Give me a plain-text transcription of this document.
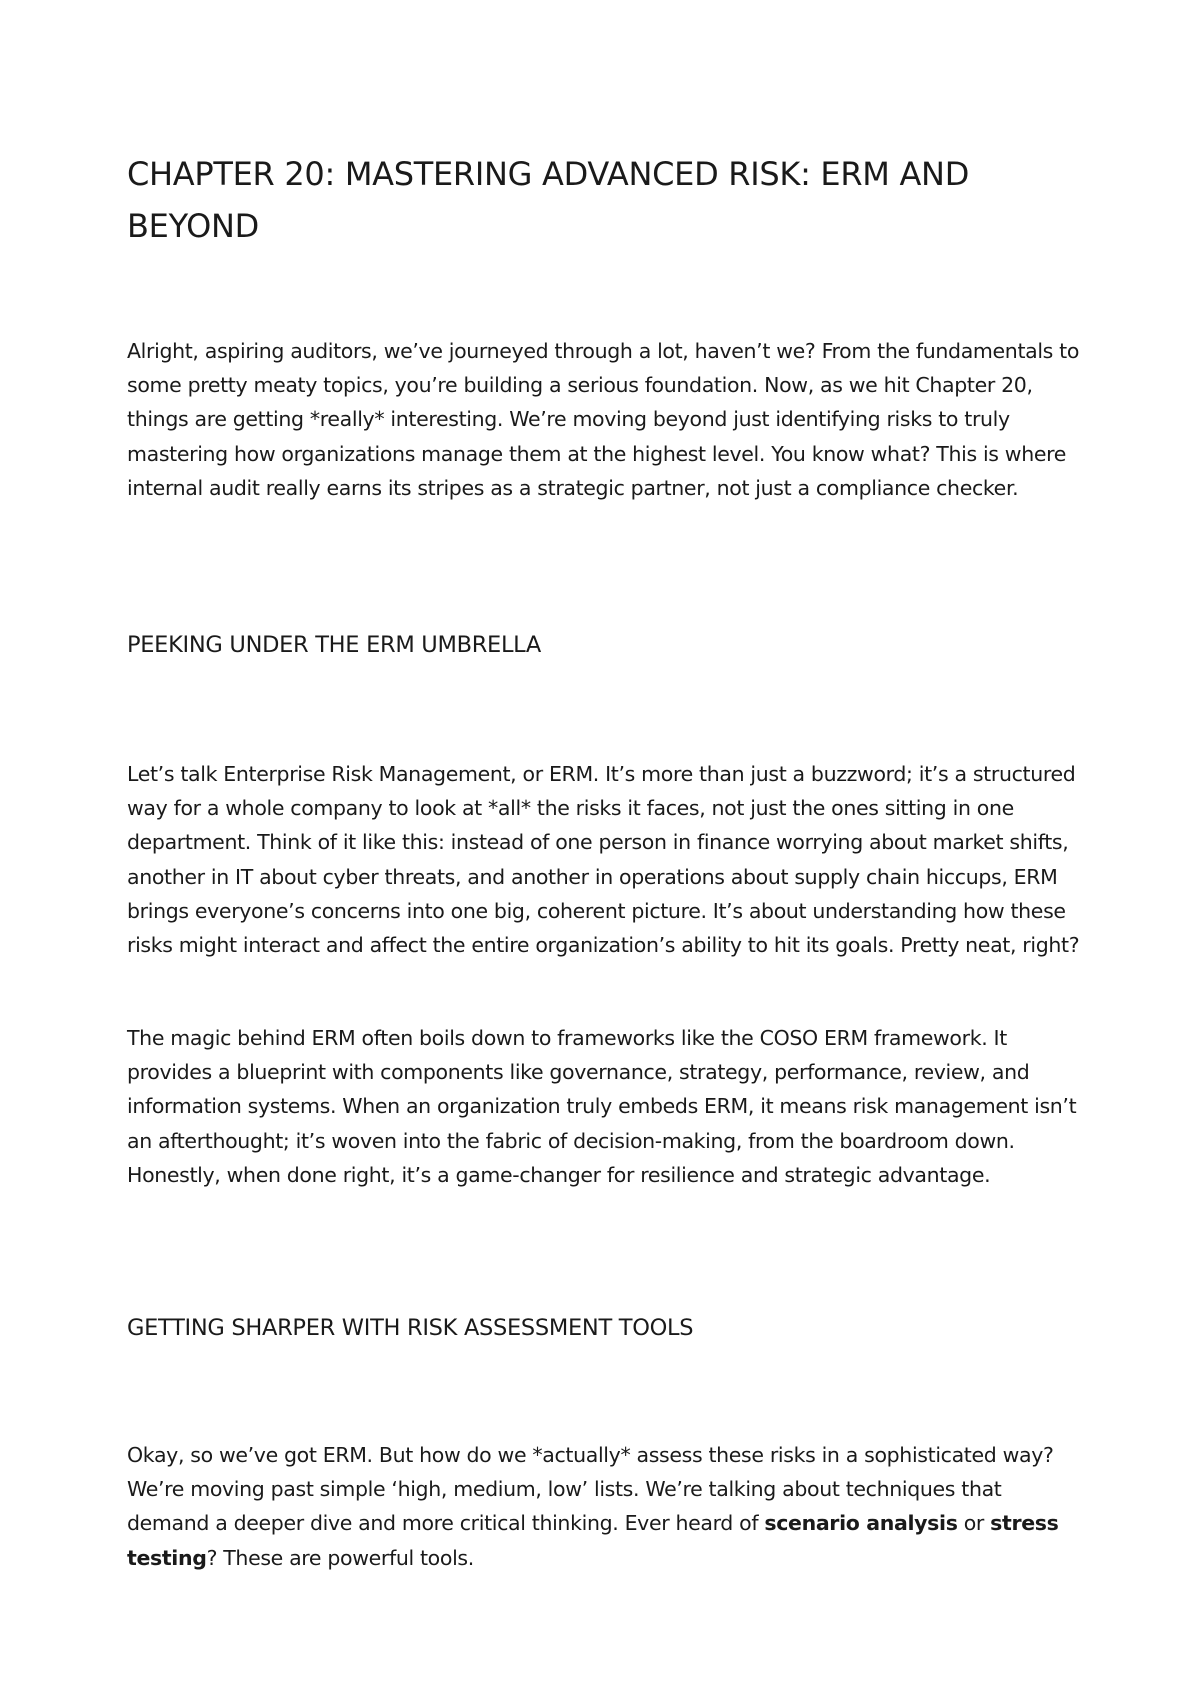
CHAPTER 20: MASTERING ADVANCED RISK: ERM AND BEYOND

Alright, aspiring auditors, we’ve journeyed through a lot, haven’t we? From the fundamentals to some pretty meaty topics, you’re building a serious foundation. Now, as we hit Chapter 20, things are getting *really* interesting. We’re moving beyond just identifying risks to truly mastering how organizations manage them at the highest level. You know what? This is where internal audit really earns its stripes as a strategic partner, not just a compliance checker.

PEEKING UNDER THE ERM UMBRELLA

Let’s talk Enterprise Risk Management, or ERM. It’s more than just a buzzword; it’s a structured way for a whole company to look at *all* the risks it faces, not just the ones sitting in one department. Think of it like this: instead of one person in finance worrying about market shifts, another in IT about cyber threats, and another in operations about supply chain hiccups, ERM brings everyone’s concerns into one big, coherent picture. It’s about understanding how these risks might interact and affect the entire organization’s ability to hit its goals. Pretty neat, right?

The magic behind ERM often boils down to frameworks like the COSO ERM framework. It provides a blueprint with components like governance, strategy, performance, review, and information systems. When an organization truly embeds ERM, it means risk management isn’t an afterthought; it’s woven into the fabric of decision-making, from the boardroom down. Honestly, when done right, it’s a game-changer for resilience and strategic advantage.

GETTING SHARPER WITH RISK ASSESSMENT TOOLS

Okay, so we’ve got ERM. But how do we *actually* assess these risks in a sophisticated way? We’re moving past simple ‘high, medium, low’ lists. We’re talking about techniques that demand a deeper dive and more critical thinking. Ever heard of scenario analysis or stress testing? These are powerful tools.
